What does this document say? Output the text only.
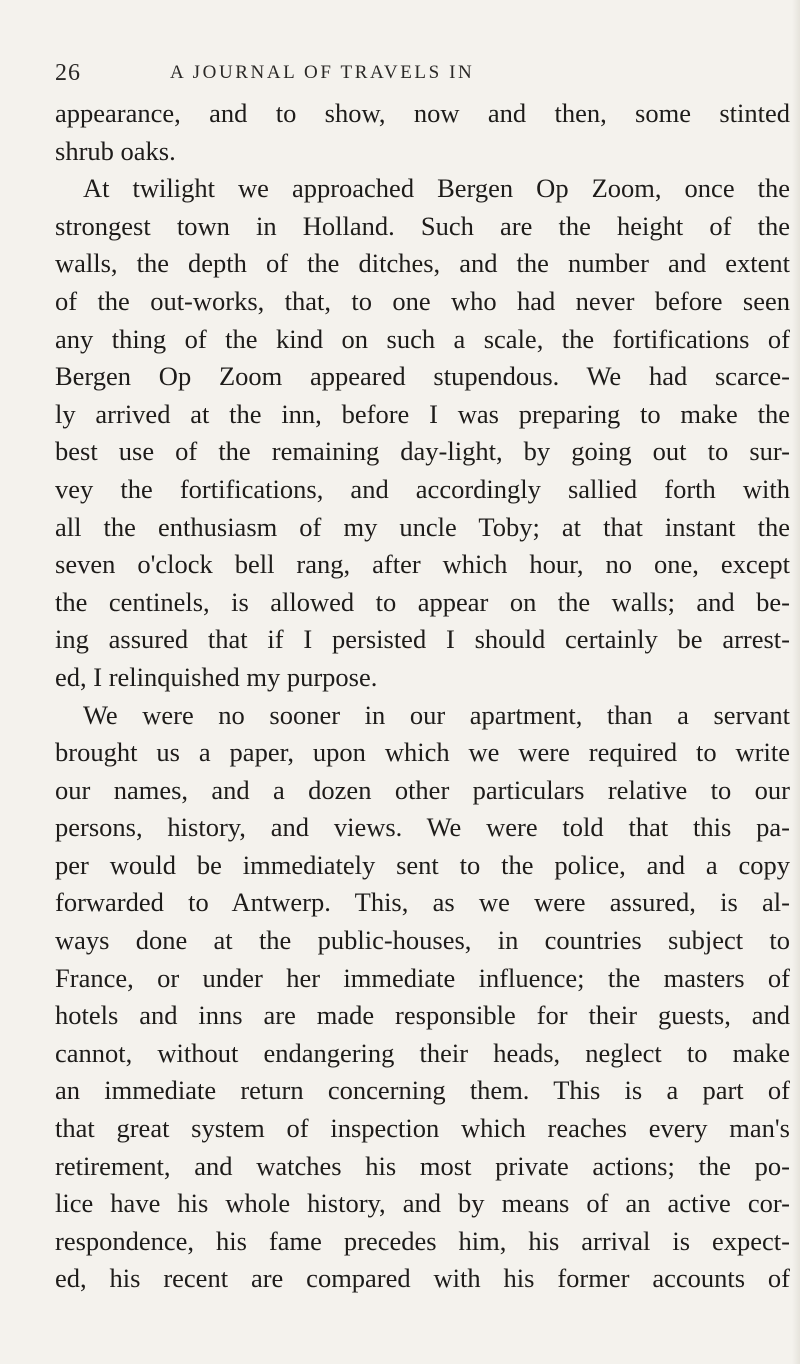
26	A JOURNAL OF TRAVELS IN
appearance, and to show, now and then, some stinted
shrub oaks.
At twilight we approached Bergen Op Zoom, once the
strongest town in Holland. Such are the height of the
walls, the depth of the ditches, and the number and extent
of the out-works, that, to one who had never before seen
any thing of the kind on such a scale, the fortifications of
Bergen Op Zoom appeared stupendous. We had scarce-
ly arrived at the inn, before I was preparing to make the
best use of the remaining day-light, by going out to sur-
vey the fortifications, and accordingly sallied forth with
all the enthusiasm of my uncle Toby; at that instant the
seven o'clock bell rang, after which hour, no one, except
the centinels, is allowed to appear on the walls; and be-
ing assured that if I persisted I should certainly be arrest-
ed, I relinquished my purpose.
We were no sooner in our apartment, than a servant
brought us a paper, upon which we were required to write
our names, and a dozen other particulars relative to our
persons, history, and views. We were told that this pa-
per would be immediately sent to the police, and a copy
forwarded to Antwerp. This, as we were assured, is al-
ways done at the public-houses, in countries subject to
France, or under her immediate influence; the masters of
hotels and inns are made responsible for their guests, and
cannot, without endangering their heads, neglect to make
an immediate return concerning them. This is a part of
that great system of inspection which reaches every man's
retirement, and watches his most private actions; the po-
lice have his whole history, and by means of an active cor-
respondence, his fame precedes him, his arrival is expect-
ed, his recent are compared with his former accounts of
